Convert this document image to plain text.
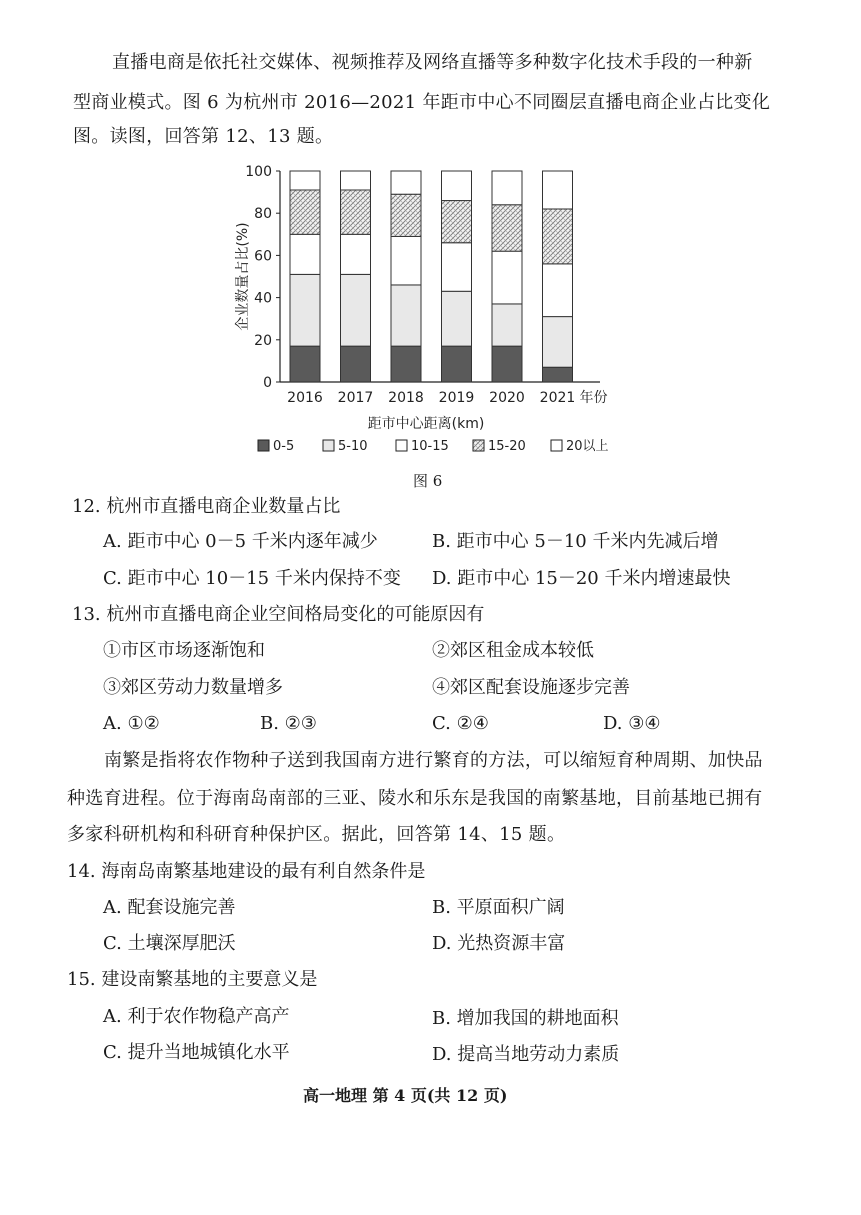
直播电商是依托社交媒体、视频推荐及网络直播等多种数字化技术手段的一种新
型商业模式。图 6 为杭州市 2016—2021 年距市中心不同圈层直播电商企业占比变化
图。读图，回答第 12、13 题。
0
20
40
60
80
100
企业数量占比(%)
2016 2017 2018 2019 2020 2021 年份
距市中心距离(km)
0-5	5-10	10-15	15-20	20以上
图 6
12. 杭州市直播电商企业数量占比
A. 距市中心 0－5 千米内逐年减少	B. 距市中心 5－10 千米内先减后增
C. 距市中心 10－15 千米内保持不变 D. 距市中心 15－20 千米内增速最快
13. 杭州市直播电商企业空间格局变化的可能原因有
①市区市场逐渐饱和	②郊区租金成本较低
③郊区劳动力数量增多	④郊区配套设施逐步完善
A. ①②	B. ②③	C. ②④	D. ③④
南繁是指将农作物种子送到我国南方进行繁育的方法，可以缩短育种周期、加快品
种选育进程。位于海南岛南部的三亚、陵水和乐东是我国的南繁基地，目前基地已拥有
多家科研机构和科研育种保护区。据此，回答第 14、15 题。
14. 海南岛南繁基地建设的最有利自然条件是
A. 配套设施完善	B. 平原面积广阔
C. 土壤深厚肥沃	D. 光热资源丰富
15. 建设南繁基地的主要意义是
A. 利于农作物稳产高产	B. 增加我国的耕地面积
C. 提升当地城镇化水平	D. 提高当地劳动力素质
高一地理 第 4 页(共 12 页)
